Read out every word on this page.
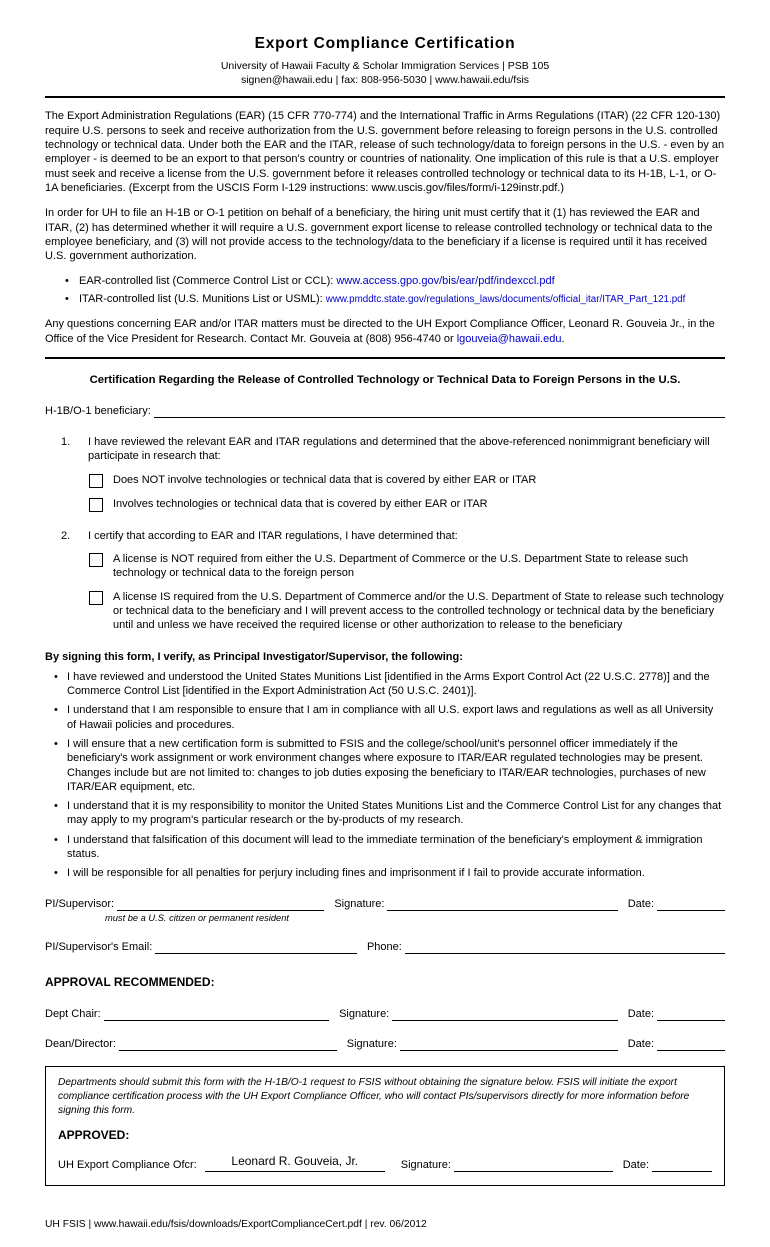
Export Compliance Certification
University of Hawaii Faculty & Scholar Immigration Services | PSB 105
signen@hawaii.edu | fax: 808-956-5030 | www.hawaii.edu/fsis

The Export Administration Regulations (EAR) (15 CFR 770-774) and the International Traffic in Arms Regulations (ITAR) (22 CFR 120-130) require U.S. persons to seek and receive authorization from the U.S. government before releasing to foreign persons in the U.S. controlled technology or technical data. Under both the EAR and the ITAR, release of such technology/data to foreign persons in the U.S. - even by an employer - is deemed to be an export to that person's country or countries of nationality. One implication of this rule is that a U.S. employer must seek and receive a license from the U.S. government before it releases controlled technology or technical data to its H-1B, L-1, or O-1A beneficiaries. (Excerpt from the USCIS Form I-129 instructions: www.uscis.gov/files/form/i-129instr.pdf.)

In order for UH to file an H-1B or O-1 petition on behalf of a beneficiary, the hiring unit must certify that it (1) has reviewed the EAR and ITAR, (2) has determined whether it will require a U.S. government export license to release controlled technology or technical data to the employee beneficiary, and (3) will not provide access to the technology/data to the beneficiary if a license is required until it has received U.S. government authorization.

• EAR-controlled list (Commerce Control List or CCL): www.access.gpo.gov/bis/ear/pdf/indexccl.pdf
• ITAR-controlled list (U.S. Munitions List or USML): www.pmddtc.state.gov/regulations_laws/documents/official_itar/ITAR_Part_121.pdf

Any questions concerning EAR and/or ITAR matters must be directed to the UH Export Compliance Officer, Leonard R. Gouveia Jr., in the Office of the Vice President for Research. Contact Mr. Gouveia at (808) 956-4740 or lgouveia@hawaii.edu.

Certification Regarding the Release of Controlled Technology or Technical Data to Foreign Persons in the U.S.
H-1B/O-1 beneficiary:
1.	I have reviewed the relevant EAR and ITAR regulations and determined that the above-referenced nonimmigrant beneficiary will participate in research that:
Does NOT involve technologies or technical data that is covered by either EAR or ITAR
Involves technologies or technical data that is covered by either EAR or ITAR
2.	I certify that according to EAR and ITAR regulations, I have determined that:
A license is NOT required from either the U.S. Department of Commerce or the U.S. Department State to release such technology or technical data to the foreign person
A license IS required from the U.S. Department of Commerce and/or the U.S. Department of State to release such technology or technical data to the beneficiary and I will prevent access to the controlled technology or technical data by the beneficiary until and unless we have received the required license or other authorization to release to the beneficiary
By signing this form, I verify, as Principal Investigator/Supervisor, the following:
• I have reviewed and understood the United States Munitions List [identified in the Arms Export Control Act (22 U.S.C. 2778)] and the Commerce Control List [identified in the Export Administration Act (50 U.S.C. 2401)].
• I understand that I am responsible to ensure that I am in compliance with all U.S. export laws and regulations as well as all University of Hawaii policies and procedures.
• I will ensure that a new certification form is submitted to FSIS and the college/school/unit's personnel officer immediately if the beneficiary's work assignment or work environment changes where exposure to ITAR/EAR regulated technologies may be present. Changes include but are not limited to: changes to job duties exposing the beneficiary to ITAR/EAR technologies, purchases of new ITAR/EAR equipment, etc.
• I understand that it is my responsibility to monitor the United States Munitions List and the Commerce Control List for any changes that may apply to my program's particular research or the by-products of my research.
• I understand that falsification of this document will lead to the immediate termination of the beneficiary's employment & immigration status.
• I will be responsible for all penalties for perjury including fines and imprisonment if I fail to provide accurate information.
PI/Supervisor:	Signature:	Date:
must be a U.S. citizen or permanent resident
PI/Supervisor's Email:	Phone:
APPROVAL RECOMMENDED:
Dept Chair:	Signature:	Date:
Dean/Director:	Signature:	Date:
Departments should submit this form with the H-1B/O-1 request to FSIS without obtaining the signature below. FSIS will initiate the export compliance certification process with the UH Export Compliance Officer, who will contact PIs/supervisors directly for more information before signing this form.
APPROVED:
UH Export Compliance Ofcr:	Leonard R. Gouveia, Jr.	Signature:	Date:
UH FSIS | www.hawaii.edu/fsis/downloads/ExportComplianceCert.pdf | rev. 06/2012
